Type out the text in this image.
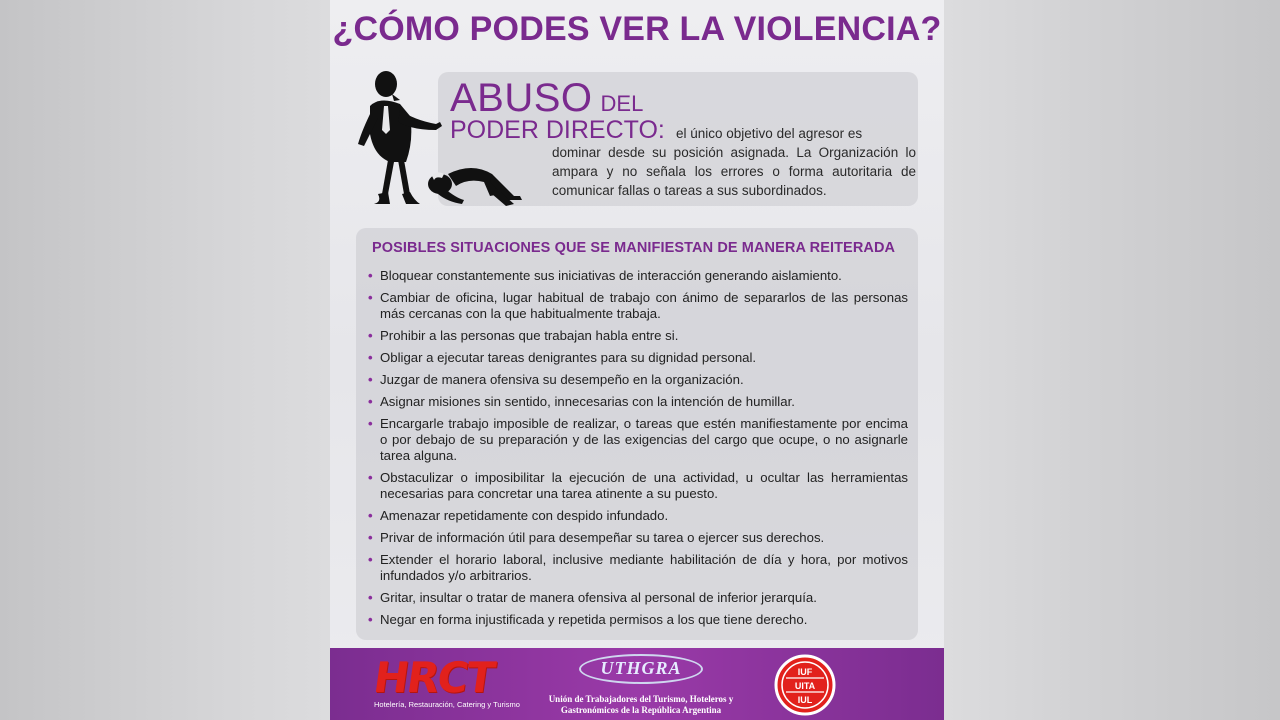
¿CÓMO PODES VER LA VIOLENCIA?
ABUSO DEL
PODER DIRECTO: el único objetivo del agresor es
dominar desde su posición asignada. La Organización lo ampara y no señala los errores o forma autoritaria de comunicar fallas o tareas a sus subordinados.
POSIBLES SITUACIONES QUE SE MANIFIESTAN DE MANERA REITERADA
• Bloquear constantemente sus iniciativas de interacción generando aislamiento.
• Cambiar de oficina, lugar habitual de trabajo con ánimo de separarlos de las personas más cercanas con la que habitualmente trabaja.
• Prohibir a las personas que trabajan habla entre si.
• Obligar a ejecutar tareas denigrantes para su dignidad personal.
• Juzgar de manera ofensiva su desempeño en la organización.
• Asignar misiones sin sentido, innecesarias con la intención de humillar.
• Encargarle trabajo imposible de realizar, o tareas que estén manifiestamente por encima o por debajo de su preparación y de las exigencias del cargo que ocupe, o no asignarle tarea alguna.
• Obstaculizar o imposibilitar la ejecución de una actividad, u ocultar las herramientas necesarias para concretar una tarea atinente a su puesto.
• Amenazar repetidamente con despido infundado.
• Privar de información útil para desempeñar su tarea o ejercer sus derechos.
• Extender el horario laboral, inclusive mediante habilitación de día y hora, por motivos infundados y/o arbitrarios.
• Gritar, insultar o tratar de manera ofensiva al personal de inferior jerarquía.
• Negar en forma injustificada y repetida permisos a los que tiene derecho.
HRCT
Hotelería, Restauración, Catering y Turismo
UTHGRA
Unión de Trabajadores del Turismo, Hoteleros y
Gastronómicos de la República Argentina
IUF
UITA
IUL
